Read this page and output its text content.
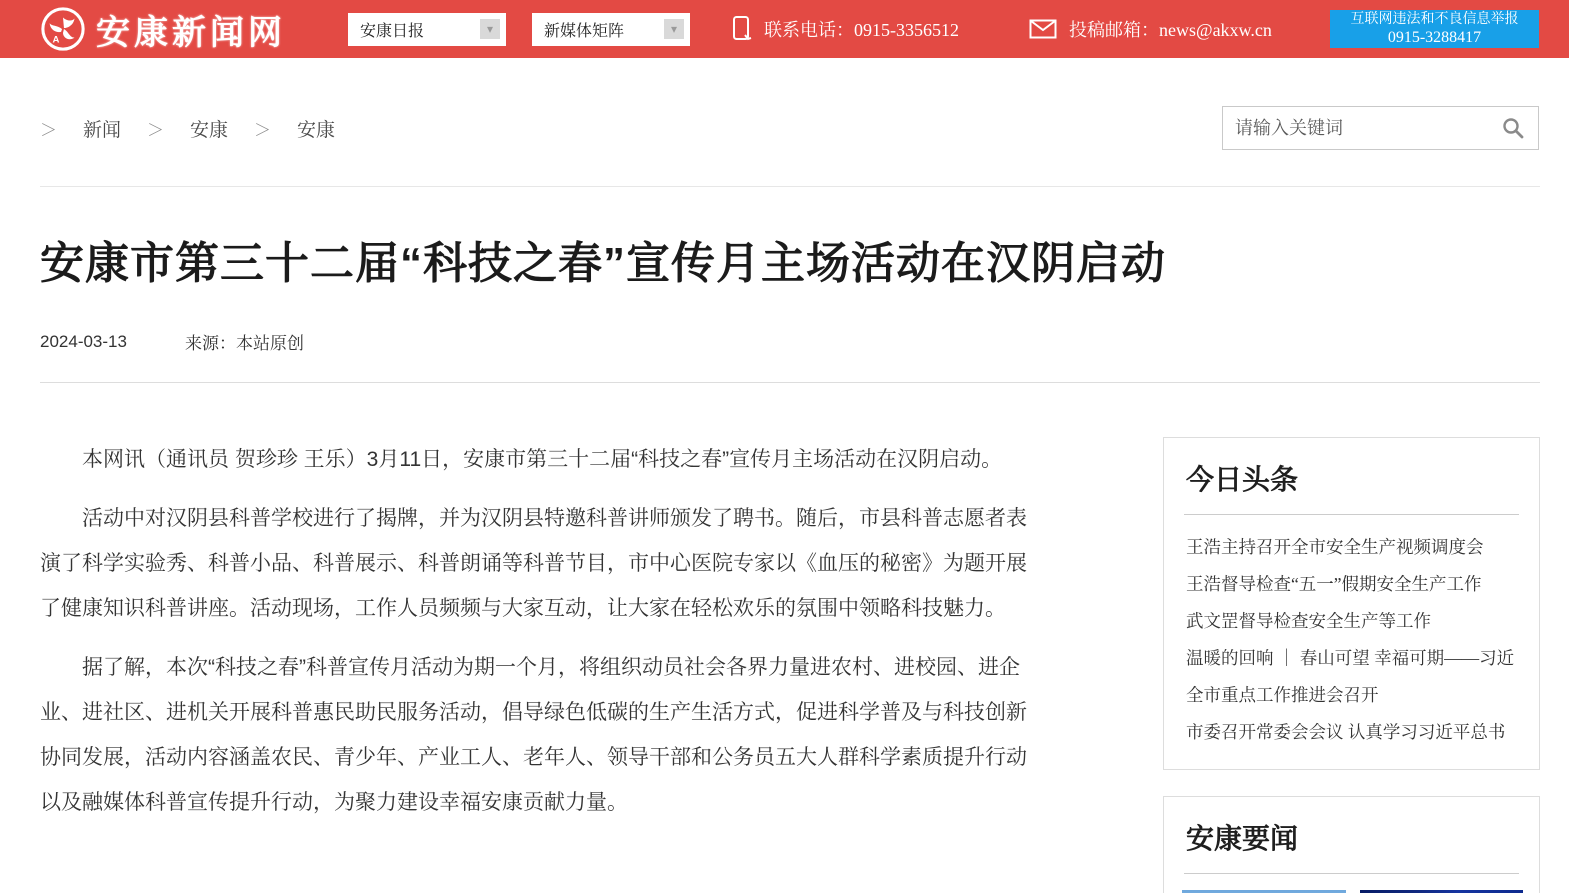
A 安康新闻网	安康日报	▾	新媒体矩阵	▾	联系电话：0915-3356512	投稿邮箱：news@akxw.cn
互联网违法和不良信息举报
0915-3288417
＞ 新闻 ＞ 安康 ＞ 安康
请输入关键词
安康市第三十二届“科技之春”宣传月主场活动在汉阴启动
2024-03-13	来源：本站原创

本网讯（通讯员 贺珍珍 王乐）3月11日，安康市第三十二届“科技之春”宣传月主场活动在汉阴启动。

活动中对汉阴县科普学校进行了揭牌，并为汉阴县特邀科普讲师颁发了聘书。随后，市县科普志愿者表演了科学实验秀、科普小品、科普展示、科普朗诵等科普节目，市中心医院专家以《血压的秘密》为题开展了健康知识科普讲座。活动现场，工作人员频频与大家互动，让大家在轻松欢乐的氛围中领略科技魅力。

据了解，本次“科技之春”科普宣传月活动为期一个月，将组织动员社会各界力量进农村、进校园、进企业、进社区、进机关开展科普惠民助民服务活动，倡导绿色低碳的生产生活方式，促进科学普及与科技创新协同发展，活动内容涵盖农民、青少年、产业工人、老年人、领导干部和公务员五大人群科学素质提升行动以及融媒体科普宣传提升行动，为聚力建设幸福安康贡献力量。

今日头条
王浩主持召开全市安全生产视频调度会
王浩督导检查“五一”假期安全生产工作
武文罡督导检查安全生产等工作
温暖的回响 ｜ 春山可望 幸福可期——习近
全市重点工作推进会召开
市委召开常委会会议 认真学习习近平总书
安康要闻
